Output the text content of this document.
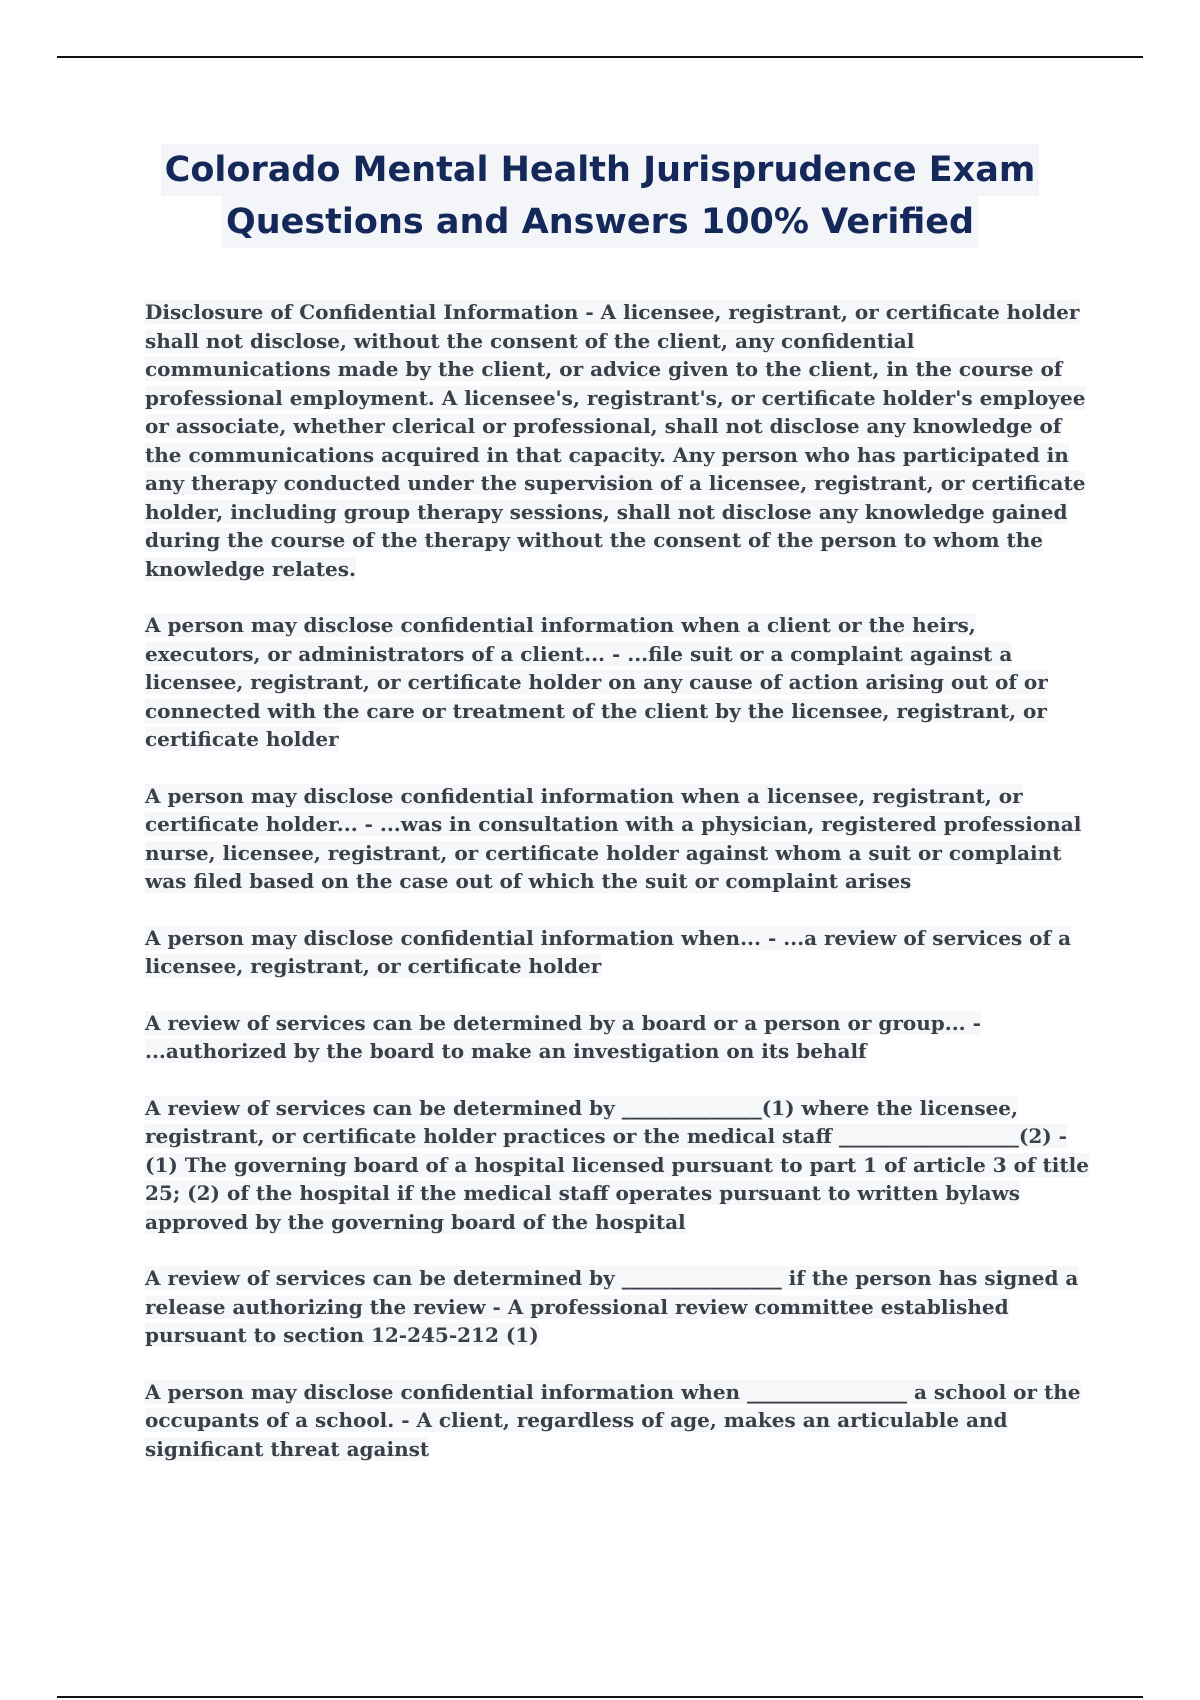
Colorado Mental Health Jurisprudence Exam
Questions and Answers 100% Verified

Disclosure of Confidential Information - A licensee, registrant, or certificate holder shall not disclose, without the consent of the client, any confidential communications made by the client, or advice given to the client, in the course of professional employment. A licensee's, registrant's, or certificate holder's employee or associate, whether clerical or professional, shall not disclose any knowledge of the communications acquired in that capacity. Any person who has participated in any therapy conducted under the supervision of a licensee, registrant, or certificate holder, including group therapy sessions, shall not disclose any knowledge gained during the course of the therapy without the consent of the person to whom the knowledge relates.

A person may disclose confidential information when a client or the heirs, executors, or administrators of a client... - ...file suit or a complaint against a licensee, registrant, or certificate holder on any cause of action arising out of or connected with the care or treatment of the client by the licensee, registrant, or certificate holder

A person may disclose confidential information when a licensee, registrant, or certificate holder... - ...was in consultation with a physician, registered professional nurse, licensee, registrant, or certificate holder against whom a suit or complaint was filed based on the case out of which the suit or complaint arises

A person may disclose confidential information when... - ...a review of services of a licensee, registrant, or certificate holder

A review of services can be determined by a board or a person or group... - ...authorized by the board to make an investigation on its behalf

A review of services can be determined by ______________(1) where the licensee, registrant, or certificate holder practices or the medical staff __________________(2) - (1) The governing board of a hospital licensed pursuant to part 1 of article 3 of title 25; (2) of the hospital if the medical staff operates pursuant to written bylaws approved by the governing board of the hospital

A review of services can be determined by ________________ if the person has signed a release authorizing the review - A professional review committee established pursuant to section 12-245-212 (1)

A person may disclose confidential information when ________________ a school or the occupants of a school. - A client, regardless of age, makes an articulable and significant threat against
